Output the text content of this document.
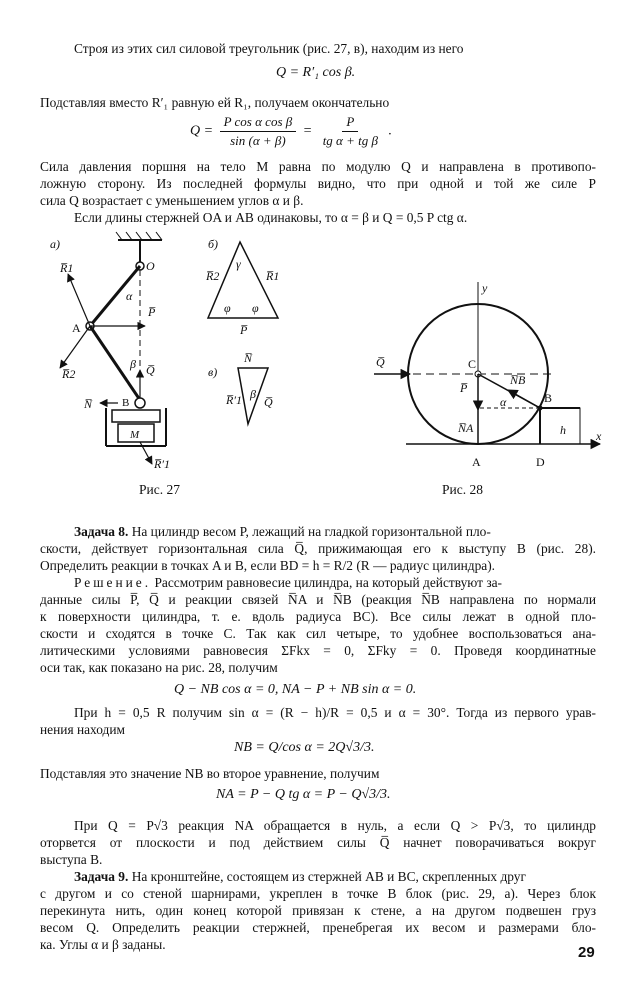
Строя из этих сил силовой треугольник (рис. 27, в), находим из него
Q = R′₁ cos β.
Подставляя вместо R′₁ равную ей R₁, получаем окончательно
$Q = \frac{\text{P cos α cos β}}{\sin (\alpha + \beta)} = \frac{P}{\text{tg α + tg β}}$ .
Сила давления поршня на тело M равна по модулю Q и направлена в противопо-
ложную сторону. Из последней формулы видно, что при одной и той же силе P
сила Q возрастает с уменьшением углов α и β.
Если длины стержней OA и AB одинаковы, то α = β и Q = 0,5 P ctg α.
а)
O
A
α
β
R̅1
R̅2
P̅
Q̅
N̅	B
M
R̅′1
б)
R̅2	R̅1
P̅
γ
φ φ
в)
N̅
R̅′1 Q̅
β
Рис. 27
y
C
Q̅
P̅
N̅A
N̅B
α
x
B
h
A	D
Рис. 28
Задача 8. На цилиндр весом P, лежащий на гладкой горизонтальной пло-
скости, действует горизонтальная сила Q̅, прижимающая его к выступу B (рис. 28).
Определить реакции в точках A и B, если BD = h = R/2 (R — радиус цилиндра).
Решение. Рассмотрим равновесие цилиндра, на который действуют за-
данные силы P̅, Q̅ и реакции связей N̅A и N̅B (реакция N̅B направлена по нормали
к поверхности цилиндра, т. е. вдоль радиуса BC). Все силы лежат в одной пло-
скости и сходятся в точке C. Так как сил четыре, то удобнее воспользоваться ана-
литическими условиями равновесия ΣFkx = 0, ΣFky = 0. Проведя координатные
оси так, как показано на рис. 28, получим
Q − NB cos α = 0, NA − P + NB sin α = 0.
При h = 0,5 R получим sin α = (R − h)/R = 0,5 и α = 30°. Тогда из первого урав-
нения находим
NB = Q/cos α = 2Q√3/3.
Подставляя это значение NB во второе уравнение, получим
NA = P − Q tg α = P − Q√3/3.
При Q = P√3 реакция NA обращается в нуль, а если Q > P√3, то цилиндр
оторвется от плоскости и под действием силы Q̅ начнет поворачиваться вокруг
выступа B.
Задача 9. На кронштейне, состоящем из стержней AB и BC, скрепленных друг
с другом и со стеной шарнирами, укреплен в точке B блок (рис. 29, а). Через блок
перекинута нить, один конец которой привязан к стене, а на другом подвешен груз
весом Q. Определить реакции стержней, пренебрегая их весом и размерами бло-
ка. Углы α и β заданы.	29
